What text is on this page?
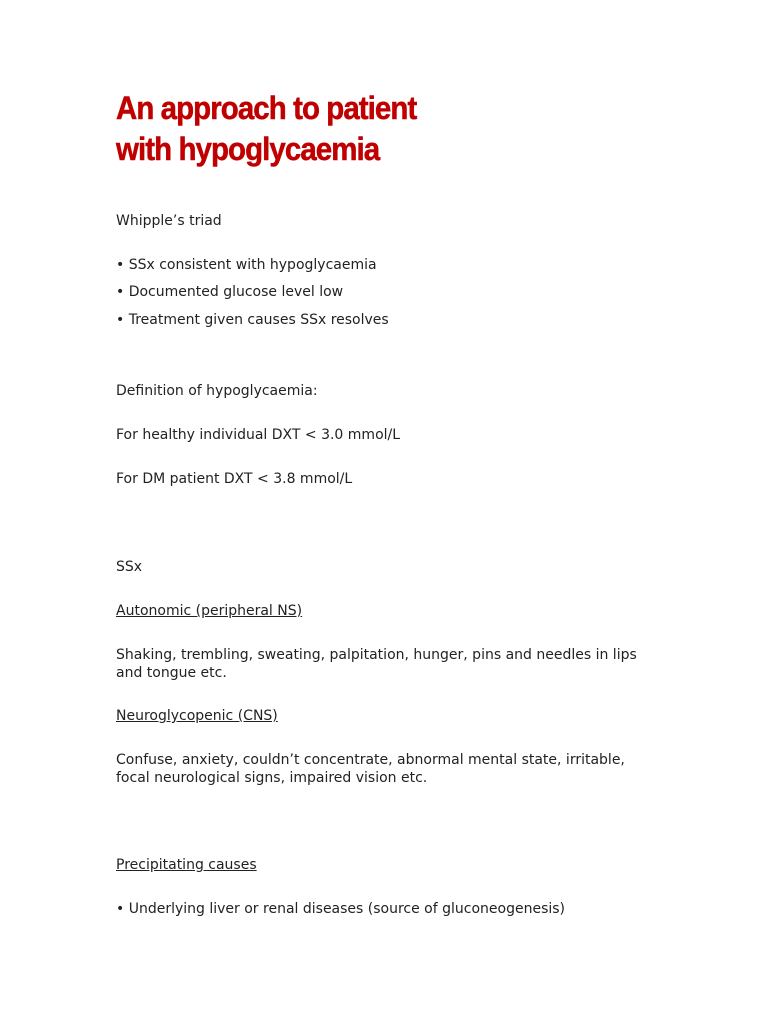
An approach to patient
with hypoglycaemia
Whipple’s triad
• SSx consistent with hypoglycaemia
• Documented glucose level low
• Treatment given causes SSx resolves
Definition of hypoglycaemia:
For healthy individual DXT < 3.0 mmol/L
For DM patient DXT < 3.8 mmol/L
SSx
Autonomic (peripheral NS)
Shaking, trembling, sweating, palpitation, hunger, pins and needles in lips and tongue etc.
Neuroglycopenic (CNS)
Confuse, anxiety, couldn’t concentrate, abnormal mental state, irritable, focal neurological signs, impaired vision etc.
Precipitating causes
• Underlying liver or renal diseases (source of gluconeogenesis)
